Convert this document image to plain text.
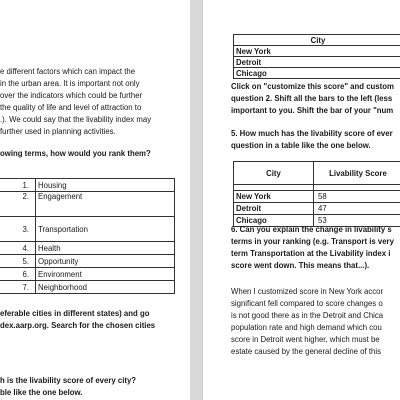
e different factors which can impact the
in the urban area. It is important not only
over the indicators which could be further
the quality of life and level of attraction to
.). We could say that the livability index may
further used in planning activities.
owing terms, how would you rank them?
1.	Housing
2.	Engagement
3.	Transportation
4.	Health
5.	Opportunity
6.	Environment
7.	Neighborhood
eferable cities in different states) and go
dex.aarp.org. Search for the chosen cities
h is the livability score of every city?
ble like the one below.
City
New York
Detroit
Chicago
Click on "customize this score" and custom
question 2. Shift all the bars to the left (less
important to you. Shift the bar of your "num
5. How much has the livability score of ever
question in a table like the one below.
City	Livability Score

New York	58
Detroit	47
Chicago	53
6. Can you explain the change in livability s
terms in your ranking (e.g. Transport is very
term Transportation at the Livability index i
score went down. This means that...).
When I customized score in New York accor
significant fell compared to score changes o
is not good there as in the Detroit and Chica
population rate and high demand which cou
score in Detroit went higher, which must be
estate caused by the general decline of this
